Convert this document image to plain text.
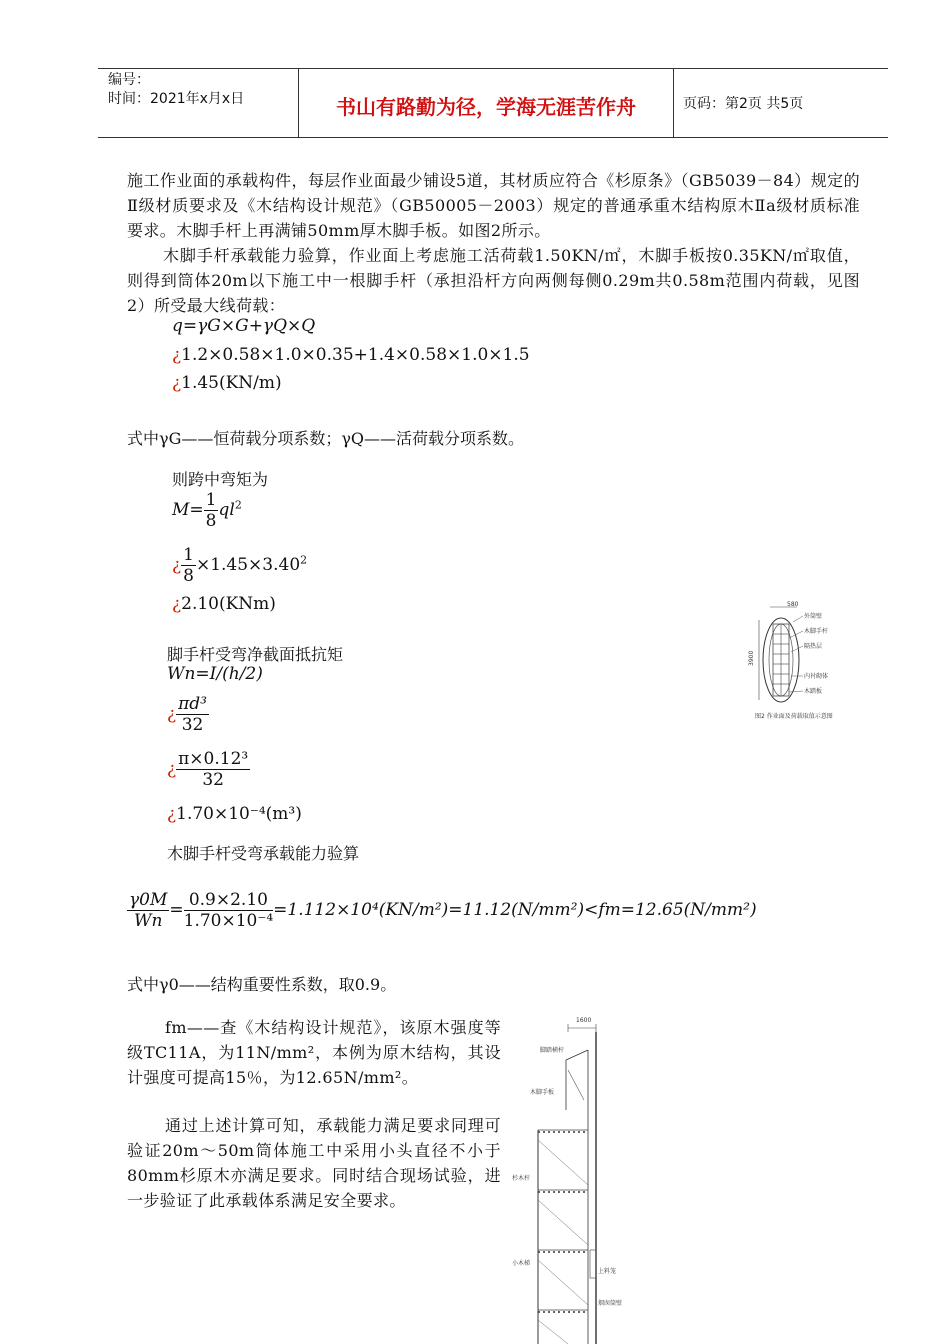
编号：
时间：2021年x月x日	书山有路勤为径，学海无涯苦作舟	页码：第2页 共5页
施工作业面的承载构件，每层作业面最少铺设5道，其材质应符合《杉原条》（GB5039－84）规定的Ⅱ级材质要求及《木结构设计规范》（GB50005－2003）规定的普通承重木结构原木Ⅱa级材质标准要求。木脚手杆上再满铺50mm厚木脚手板。如图2所示。
木脚手杆承载能力验算，作业面上考虑施工活荷载1.50KN/㎡，木脚手板按0.35KN/㎡取值，则得到筒体20m以下施工中一根脚手杆（承担沿杆方向两侧每侧0.29m共0.58m范围内荷载，见图2）所受最大线荷载：
q=γG×G+γQ×Q
¿1.2×0.58×1.0×0.35+1.4×0.58×1.0×1.5
¿1.45(KN/m)
式中γG——恒荷载分项系数；γQ——活荷载分项系数。
则跨中弯矩为
$M= \frac{1}{8} ql^2$
¿ $\frac{1}{8} \times 1.45\times 3.40^2$
¿2.10(KNm)
脚手杆受弯净截面抵抗矩
Wn=I/(h/2)
¿ $\frac{\text{πd³}}{32}$
¿ $\frac{\text{π×0.12³}}{32}$
¿1.70×10⁻⁴(m³)
木脚手杆受弯承载能力验算
$\frac{\gamma 0M}{Wn} = \frac{0.9\times 2.10}{\text{1.70×10⁻⁴}} =1.112\times 10^4(KN/m^2)=11.12(N/mm^2)<fm=12.65(N/mm^2)$
式中γ0——结构重要性系数，取0.9。
fm——查《木结构设计规范》，该原木强度等级TC11A，为11N/mm²，本例为原木结构，其设计强度可提高15％，为12.65N/mm²。
通过上述计算可知，承载能力满足要求同理可验证20m～50m筒体施工中采用小头直径不小于80mm杉原木亦满足要求。同时结合现场试验，进一步验证了此承载体系满足安全要求。
580
3900
外筒壁
木脚手杆
隔热层
内衬砌体
木踏板
图2 作业面及荷载取值示意图
1600
脚踏横杆
木脚手板
杉木杆
小木梯
上料笼
烟囱筒壁
